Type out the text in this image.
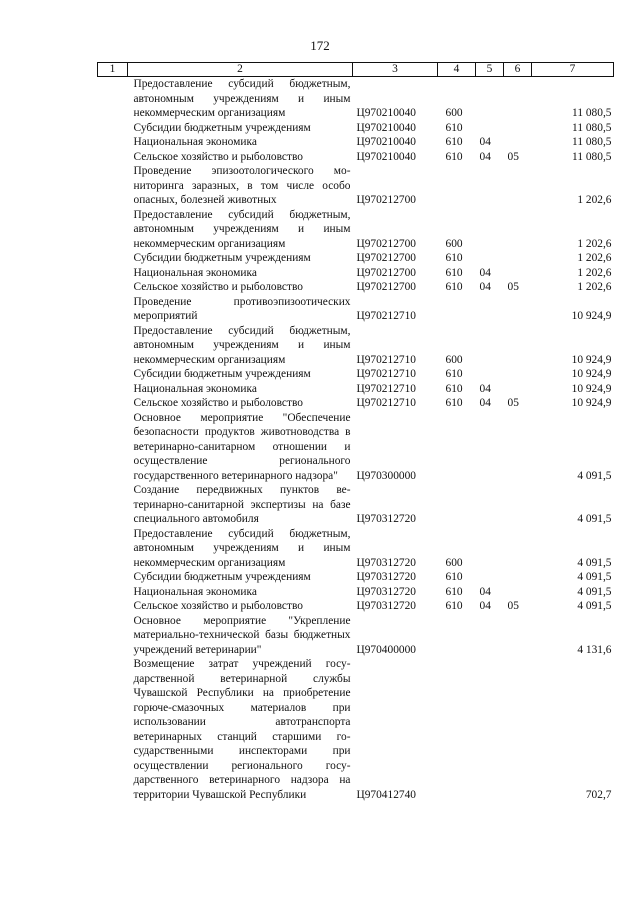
172
1	2	3	4	5	6	7
	Предоставление субсидий бюджетным, автономным учреждениям и иным некоммерческим организациям	Ц970210040	600			11 080,5
	Субсидии бюджетным учреждениям	Ц970210040	610			11 080,5
	Национальная экономика	Ц970210040	610	04		11 080,5
	Сельское хозяйство и рыболовство	Ц970210040	610	04	05	11 080,5
	Проведение эпизоотологического мониторинга заразных, в том числе особо опасных, болезней животных	Ц970212700				1 202,6
	Предоставление субсидий бюджетным, автономным учреждениям и иным некоммерческим организациям	Ц970212700	600			1 202,6
	Субсидии бюджетным учреждениям	Ц970212700	610			1 202,6
	Национальная экономика	Ц970212700	610	04		1 202,6
	Сельское хозяйство и рыболовство	Ц970212700	610	04	05	1 202,6
	Проведение противоэпизоотических мероприятий	Ц970212710				10 924,9
	Предоставление субсидий бюджетным, автономным учреждениям и иным некоммерческим организациям	Ц970212710	600			10 924,9
	Субсидии бюджетным учреждениям	Ц970212710	610			10 924,9
	Национальная экономика	Ц970212710	610	04		10 924,9
	Сельское хозяйство и рыболовство	Ц970212710	610	04	05	10 924,9
	Основное мероприятие "Обеспечение безопасности продуктов животноводства в ветеринарно-санитарном отношении и осуществление регионального государственного ветеринарного надзора"	Ц970300000				4 091,5
	Создание передвижных пунктов ветеринарно-санитарной экспертизы на базе специального автомобиля	Ц970312720				4 091,5
	Предоставление субсидий бюджетным, автономным учреждениям и иным некоммерческим организациям	Ц970312720	600			4 091,5
	Субсидии бюджетным учреждениям	Ц970312720	610			4 091,5
	Национальная экономика	Ц970312720	610	04		4 091,5
	Сельское хозяйство и рыболовство	Ц970312720	610	04	05	4 091,5
	Основное мероприятие "Укрепление материально-технической базы бюджетных учреждений ветеринарии"	Ц970400000				4 131,6
	Возмещение затрат учреждений государственной ветеринарной службы Чувашской Республики на приобретение горюче-смазочных материалов при использовании автотранспорта ветеринарных станций старшими государственными инспекторами при осуществлении регионального государственного ветеринарного надзора на территории Чувашской Республики	Ц970412740				702,7
